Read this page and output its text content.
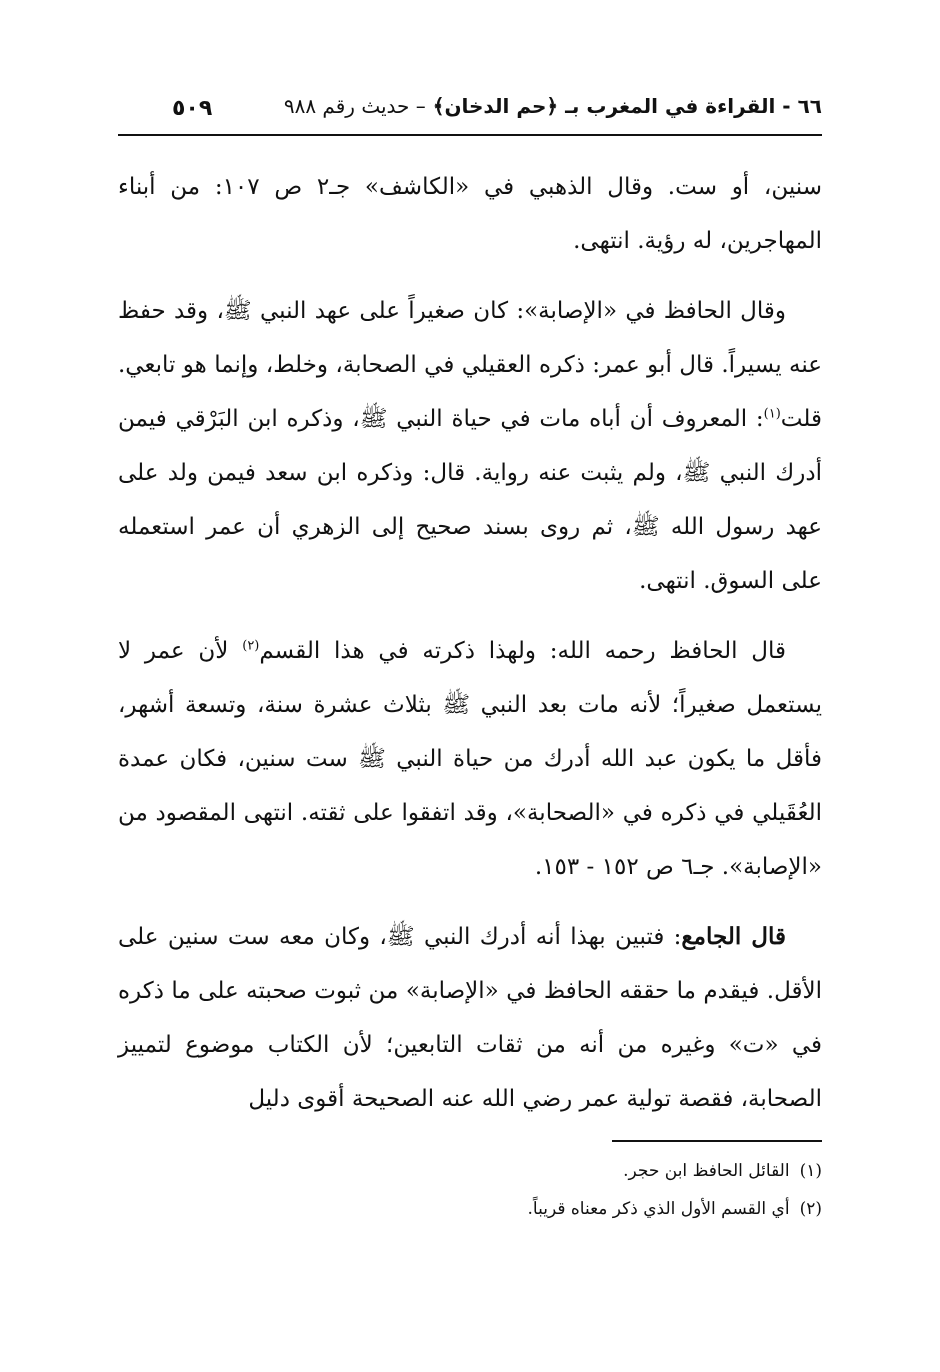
٦٦ - القراءة في المغرب بـ ﴿حم الدخان﴾ – حديث رقم ٩٨٨
٥٠٩

سنين، أو ست. وقال الذهبي في «الكاشف» جـ٢ ص ١٠٧: من أبناء المهاجرين، له رؤية. انتهى.

وقال الحافظ في «الإصابة»: كان صغيراً على عهد النبي ﷺ، وقد حفظ عنه يسيراً. قال أبو عمر: ذكره العقيلي في الصحابة، وخلط، وإنما هو تابعي. قلت$^{(١)}$: المعروف أن أباه مات في حياة النبي ﷺ، وذكره ابن البَرْقي فيمن أدرك النبي ﷺ، ولم يثبت عنه رواية. قال: وذكره ابن سعد فيمن ولد على عهد رسول الله ﷺ، ثم روى بسند صحيح إلى الزهري أن عمر استعمله على السوق. انتهى.

قال الحافظ رحمه الله: ولهذا ذكرته في هذا القسم$^{(٢)}$ لأن عمر لا يستعمل صغيراً؛ لأنه مات بعد النبي ﷺ بثلاث عشرة سنة، وتسعة أشهر، فأقل ما يكون عبد الله أدرك من حياة النبي ﷺ ست سنين، فكان عمدة العُقَيلي في ذكره في «الصحابة»، وقد اتفقوا على ثقته. انتهى المقصود من «الإصابة». جـ٦ ص ١٥٢ - ١٥٣.

قال الجامع: فتبين بهذا أنه أدرك النبي ﷺ، وكان معه ست سنين على الأقل. فيقدم ما حققه الحافظ في «الإصابة» من ثبوت صحبته على ما ذكره في «ت» وغيره من أنه من ثقات التابعين؛ لأن الكتاب موضوع لتمييز الصحابة، فقصة تولية عمر رضي الله عنه الصحيحة أقوى دليل

(١)القائل الحافظ ابن حجر.
(٢)أي القسم الأول الذي ذكر معناه قريباً.
